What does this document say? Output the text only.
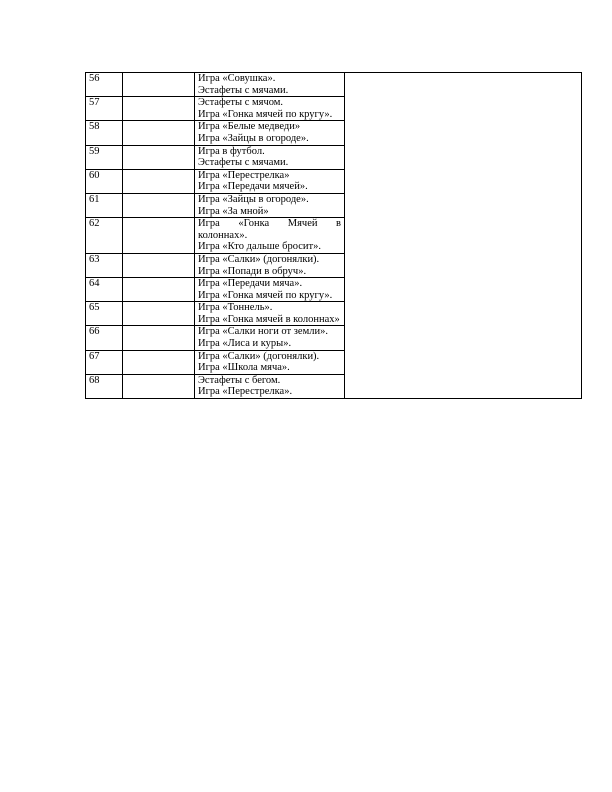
56		Игра «Совушка».
Эстафеты с мячами.	

57		Эстафеты с мячом.
Игра «Гонка мячей по кругу».	

58		Игра «Белые медведи»
Игра «Зайцы в огороде».	

59		Игра в футбол.
Эстафеты с мячами.	

60		Игра «Перестрелка»
Игра «Передачи мячей».	

61		Игра «Зайцы в огороде».
Игра «За мной»	

62		Игра «Гонка Мячей в колоннах».
Игра «Кто дальше бросит».	

63		Игра «Салки» (догонялки).
Игра «Попади в обруч».	

64		Игра «Передачи мяча».
Игра «Гонка мячей по кругу».	

65		Игра «Тоннель».
Игра «Гонка мячей в колоннах»	

66		Игра «Салки ноги от земли».
Игра «Лиса и куры».	

67		Игра «Салки» (догонялки).
Игра «Школа мяча».	

68		Эстафеты с бегом.
Игра «Перестрелка».	
